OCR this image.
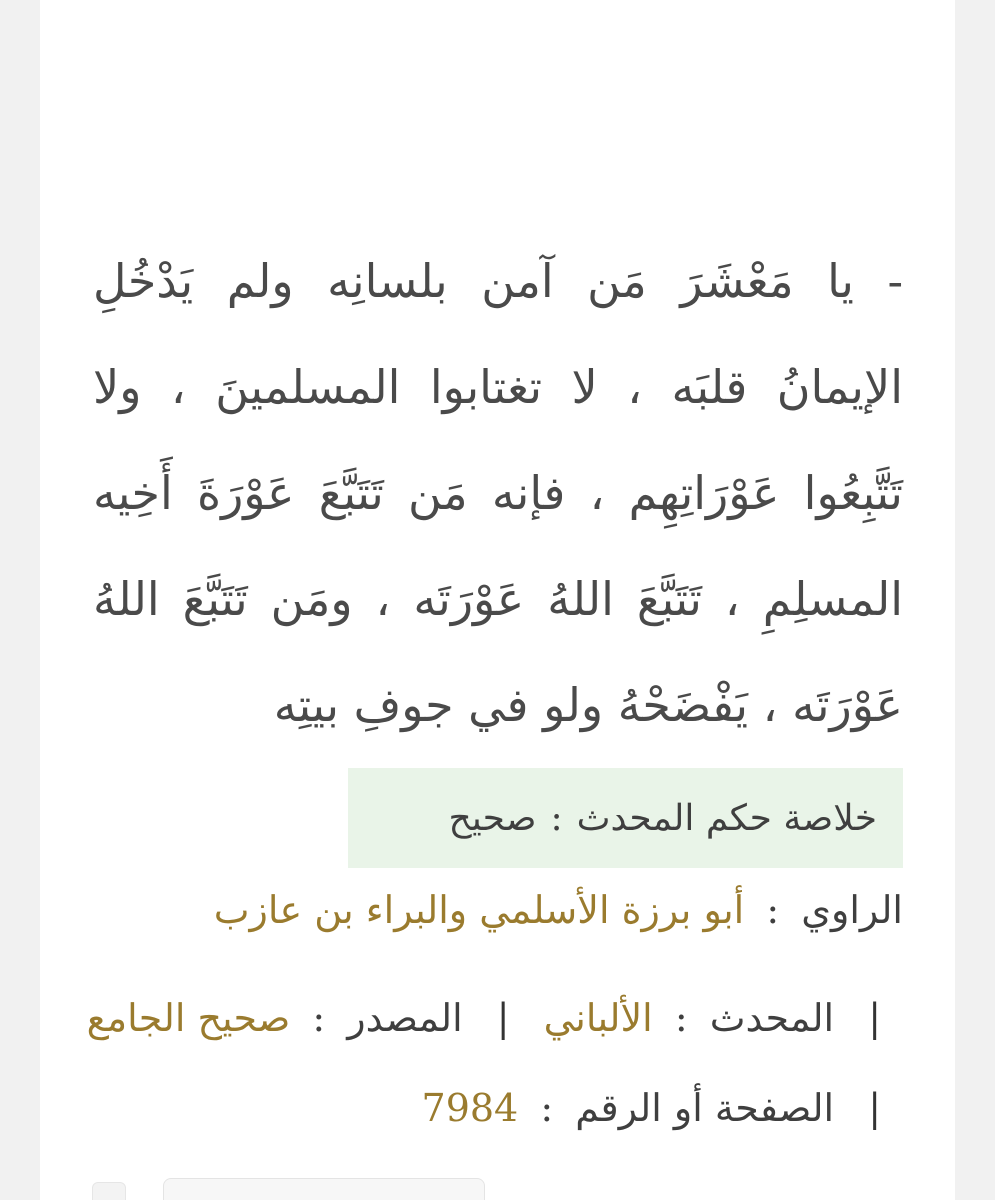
- يا مَعْشَرَ مَن آمن بلسانِه ولم يَدْخُلِ الإيمانُ قلبَه ، لا تغتابوا المسلمينَ ، ولا تَتَّبِعُوا عَوْرَاتِهِم ، فإنه مَن تَتَبَّعَ عَوْرَةَ أَخِيه المسلِمِ ، تَتَبَّعَ اللهُ عَوْرَتَه ، ومَن تَتَبَّعَ اللهُ عَوْرَتَه ، يَفْضَحْهُ ولو في جوفِ بيتِه

خلاصة حكم المحدث
:
صحيح
الراوي : أبو برزة الأسلمي والبراء بن عازب
| المحدث : الألباني | المصدر : صحيح الجامع
| الصفحة أو الرقم : 7984
